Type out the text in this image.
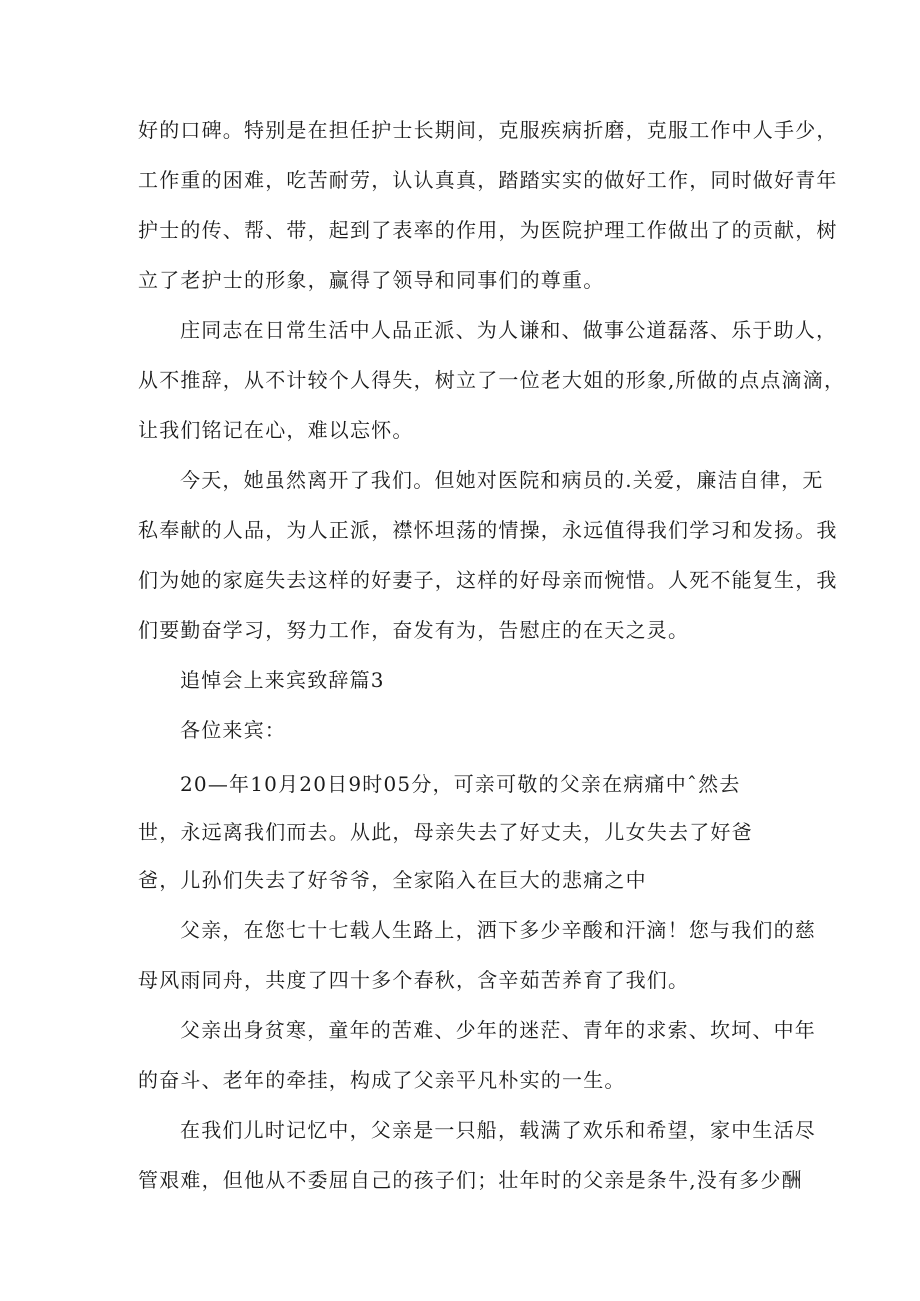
好的口碑。特别是在担任护士长期间，克服疾病折磨，克服工作中人手少，
工作重的困难，吃苦耐劳，认认真真，踏踏实实的做好工作，同时做好青年
护士的传、帮、带，起到了表率的作用，为医院护理工作做出了的贡献，树
立了老护士的形象，赢得了领导和同事们的尊重。
庄同志在日常生活中人品正派、为人谦和、做事公道磊落、乐于助人，
从不推辞，从不计较个人得失，树立了一位老大姐的形象,所做的点点滴滴，
让我们铭记在心，难以忘怀。
今天，她虽然离开了我们。但她对医院和病员的.关爱，廉洁自律，无
私奉献的人品，为人正派，襟怀坦荡的情操，永远值得我们学习和发扬。我
们为她的家庭失去这样的好妻子，这样的好母亲而惋惜。人死不能复生，我
们要勤奋学习，努力工作，奋发有为，告慰庄的在天之灵。
追悼会上来宾致辞篇3
各位来宾：
20—年10月20日9时05分，可亲可敬的父亲在病痛中ˆ然去
世，永远离我们而去。从此，母亲失去了好丈夫，儿女失去了好爸
爸，儿孙们失去了好爷爷，全家陷入在巨大的悲痛之中
父亲，在您七十七载人生路上，洒下多少辛酸和汗滴！您与我们的慈
母风雨同舟，共度了四十多个春秋，含辛茹苦养育了我们。
父亲出身贫寒，童年的苦难、少年的迷茫、青年的求索、坎坷、中年
的奋斗、老年的牵挂，构成了父亲平凡朴实的一生。
在我们儿时记忆中，父亲是一只船，载满了欢乐和希望，家中生活尽
管艰难，但他从不委屈自己的孩子们；壮年时的父亲是条牛,没有多少酬
